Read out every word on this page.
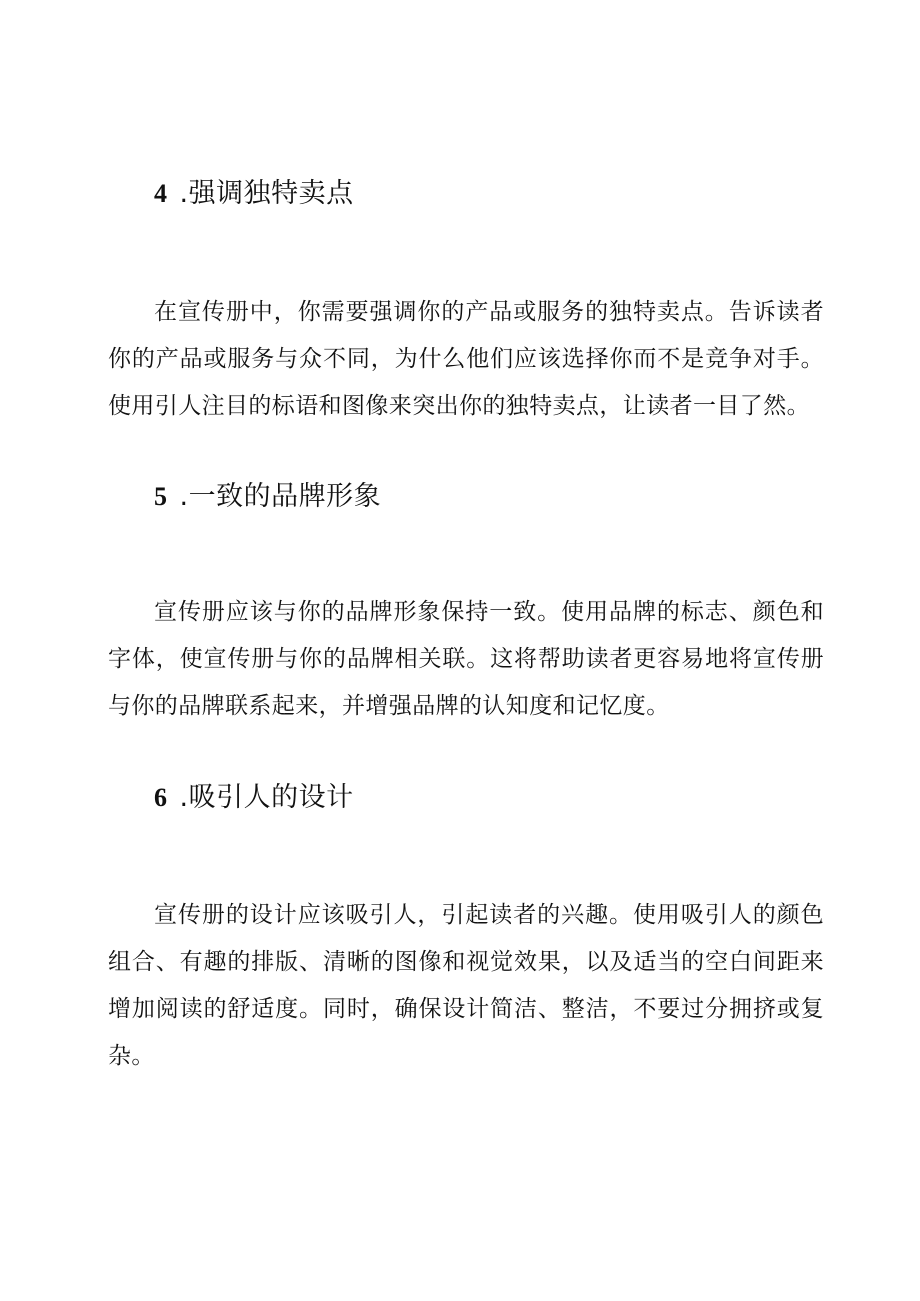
4 .强调独特卖点

在宣传册中，你需要强调你的产品或服务的独特卖点。告诉读者你的产品或服务与众不同，为什么他们应该选择你而不是竞争对手。使用引人注目的标语和图像来突出你的独特卖点，让读者一目了然。

5 .一致的品牌形象

宣传册应该与你的品牌形象保持一致。使用品牌的标志、颜色和字体，使宣传册与你的品牌相关联。这将帮助读者更容易地将宣传册与你的品牌联系起来，并增强品牌的认知度和记忆度。

6 .吸引人的设计

宣传册的设计应该吸引人，引起读者的兴趣。使用吸引人的颜色组合、有趣的排版、清晰的图像和视觉效果，以及适当的空白间距来增加阅读的舒适度。同时，确保设计简洁、整洁，不要过分拥挤或复杂。
